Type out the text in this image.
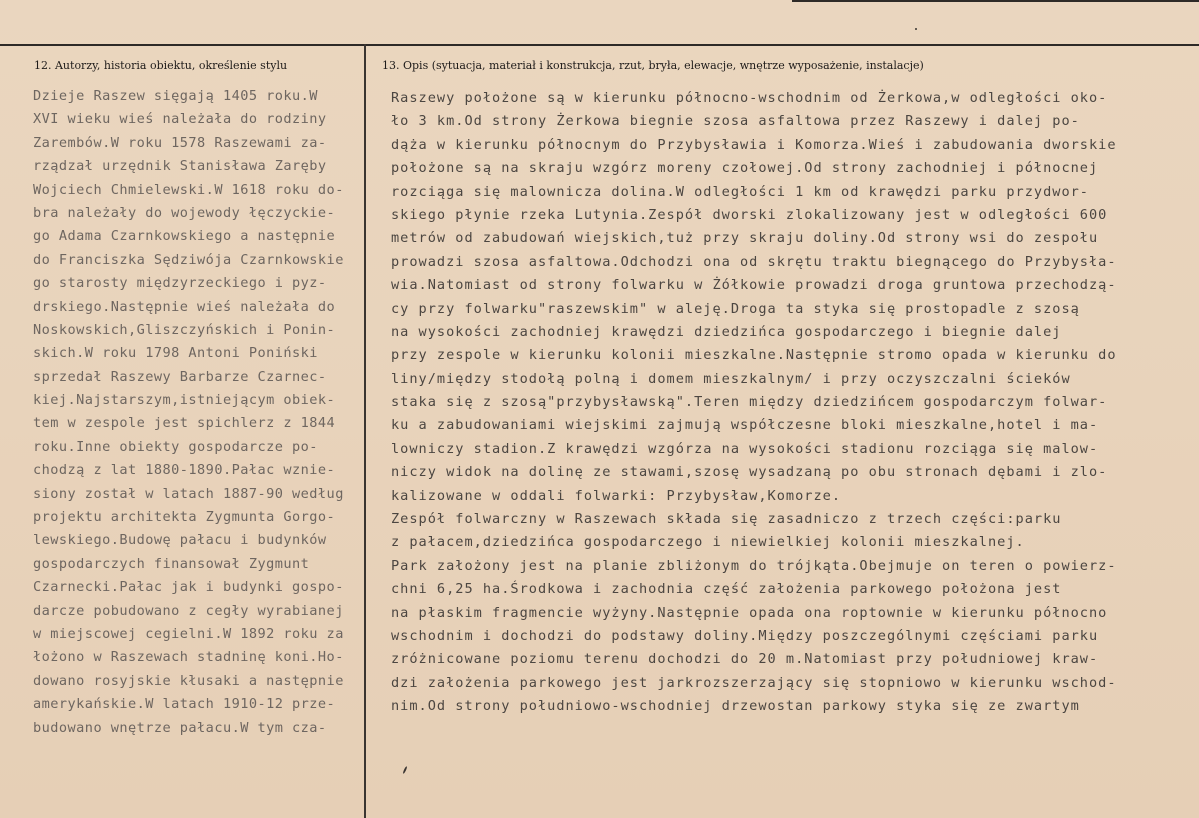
12. Autorzy, historia obiektu, określenie stylu	13. Opis (sytuacja, materiał i konstrukcja, rzut, bryła, elewacje, wnętrze wyposażenie, instalacje)
Dzieje Raszew sięgają 1405 roku.W
XVI wieku wieś należała do rodziny
Zarembów.W roku 1578 Raszewami za-
rządzał urzędnik Stanisława Zaręby
Wojciech Chmielewski.W 1618 roku do-
bra należały do wojewody łęczyckie-
go Adama Czarnkowskiego a następnie
do Franciszka Sędziwója Czarnkowskie
go starosty międzyrzeckiego i pyz-
drskiego.Następnie wieś należała do
Noskowskich,Gliszczyńskich i Ponin-
skich.W roku 1798 Antoni Poniński
sprzedał Raszewy Barbarze Czarnec-
kiej.Najstarszym,istniejącym obiek-
tem w zespole jest spichlerz z 1844
roku.Inne obiekty gospodarcze po-
chodzą z lat 1880-1890.Pałac wznie-
siony został w latach 1887-90 według
projektu architekta Zygmunta Gorgo-
lewskiego.Budowę pałacu i budynków
gospodarczych finansował Zygmunt
Czarnecki.Pałac jak i budynki gospo-
darcze pobudowano z cegły wyrabianej
w miejscowej cegielni.W 1892 roku za
łożono w Raszewach stadninę koni.Ho-
dowano rosyjskie kłusaki a następnie
amerykańskie.W latach 1910-12 prze-
budowano wnętrze pałacu.W tym cza-
Raszewy położone są w kierunku północno-wschodnim od Żerkowa,w odległości oko-
ło 3 km.Od strony Żerkowa biegnie szosa asfaltowa przez Raszewy i dalej po-
dąża w kierunku północnym do Przybysławia i Komorza.Wieś i zabudowania dworskie
położone są na skraju wzgórz moreny czołowej.Od strony zachodniej i północnej
rozciąga się malownicza dolina.W odległości 1 km od krawędzi parku przydwor-
skiego płynie rzeka Lutynia.Zespół dworski zlokalizowany jest w odległości 600
metrów od zabudowań wiejskich,tuż przy skraju doliny.Od strony wsi do zespołu
prowadzi szosa asfaltowa.Odchodzi ona od skrętu traktu biegnącego do Przybysła-
wia.Natomiast od strony folwarku w Żółkowie prowadzi droga gruntowa przechodzą-
cy przy folwarku"raszewskim" w aleję.Droga ta styka się prostopadle z szosą
na wysokości zachodniej krawędzi dziedzińca gospodarczego i biegnie dalej
przy zespole w kierunku kolonii mieszkalne.Następnie stromo opada w kierunku do
liny/między stodołą polną i domem mieszkalnym/ i przy oczyszczalni ścieków
staka się z szosą"przybysławską".Teren między dziedzińcem gospodarczym folwar-
ku a zabudowaniami wiejskimi zajmują współczesne bloki mieszkalne,hotel i ma-
lowniczy stadion.Z krawędzi wzgórza na wysokości stadionu rozciąga się malow-
niczy widok na dolinę ze stawami,szosę wysadzaną po obu stronach dębami i zlo-
kalizowane w oddali folwarki: Przybysław,Komorze.
Zespół folwarczny w Raszewach składa się zasadniczo z trzech części:parku
z pałacem,dziedzińca gospodarczego i niewielkiej kolonii mieszkalnej.
Park założony jest na planie zbliżonym do trójkąta.Obejmuje on teren o powierz-
chni 6,25 ha.Środkowa i zachodnia część założenia parkowego położona jest
na płaskim fragmencie wyżyny.Następnie opada ona roptownie w kierunku północno
wschodnim i dochodzi do podstawy doliny.Między poszczególnymi częściami parku
zróżnicowane poziomu terenu dochodzi do 20 m.Natomiast przy południowej kraw-
dzi założenia parkowego jest jarkrozszerzający się stopniowo w kierunku wschod-
nim.Od strony południowo-wschodniej drzewostan parkowy styka się ze zwartym
